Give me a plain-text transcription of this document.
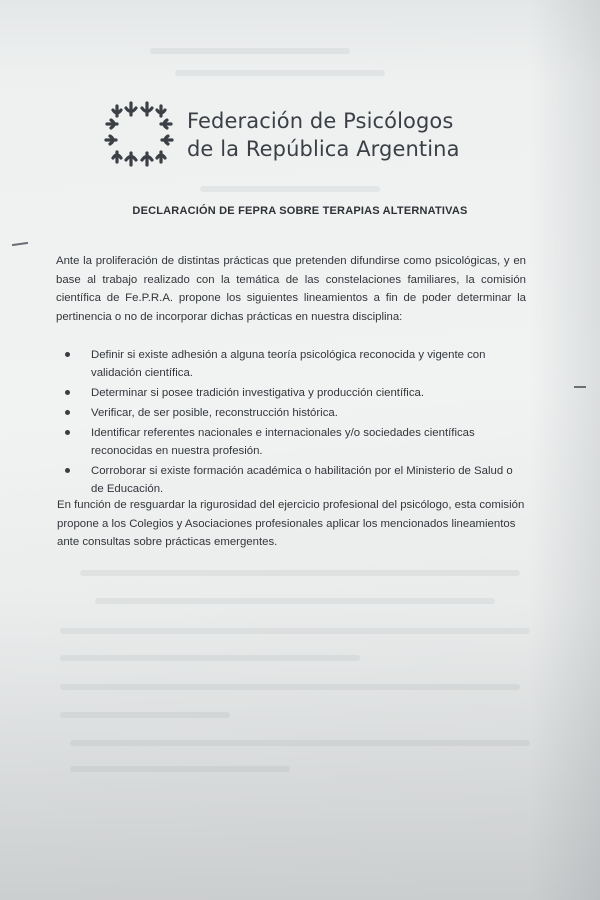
Federación de Psicólogos
de la República Argentina
DECLARACIÓN DE FEPRA SOBRE TERAPIAS ALTERNATIVAS
Ante la proliferación de distintas prácticas que pretenden difundirse como psicológicas, y en base al trabajo realizado con la temática de las constelaciones familiares, la comisión científica de Fe.P.R.A. propone los siguientes lineamientos a fin de poder determinar la pertinencia o no de incorporar dichas prácticas en nuestra disciplina:
Definir si existe adhesión a alguna teoría psicológica reconocida y vigente con validación científica.
Determinar si posee tradición investigativa y producción científica.
Verificar, de ser posible, reconstrucción histórica.
Identificar referentes nacionales e internacionales y/o sociedades científicas reconocidas en nuestra profesión.
Corroborar si existe formación académica o habilitación por el Ministerio de Salud o de Educación.
En función de resguardar la rigurosidad del ejercicio profesional del psicólogo, esta comisión propone a los Colegios y Asociaciones profesionales aplicar los mencionados lineamientos ante consultas sobre prácticas emergentes.
